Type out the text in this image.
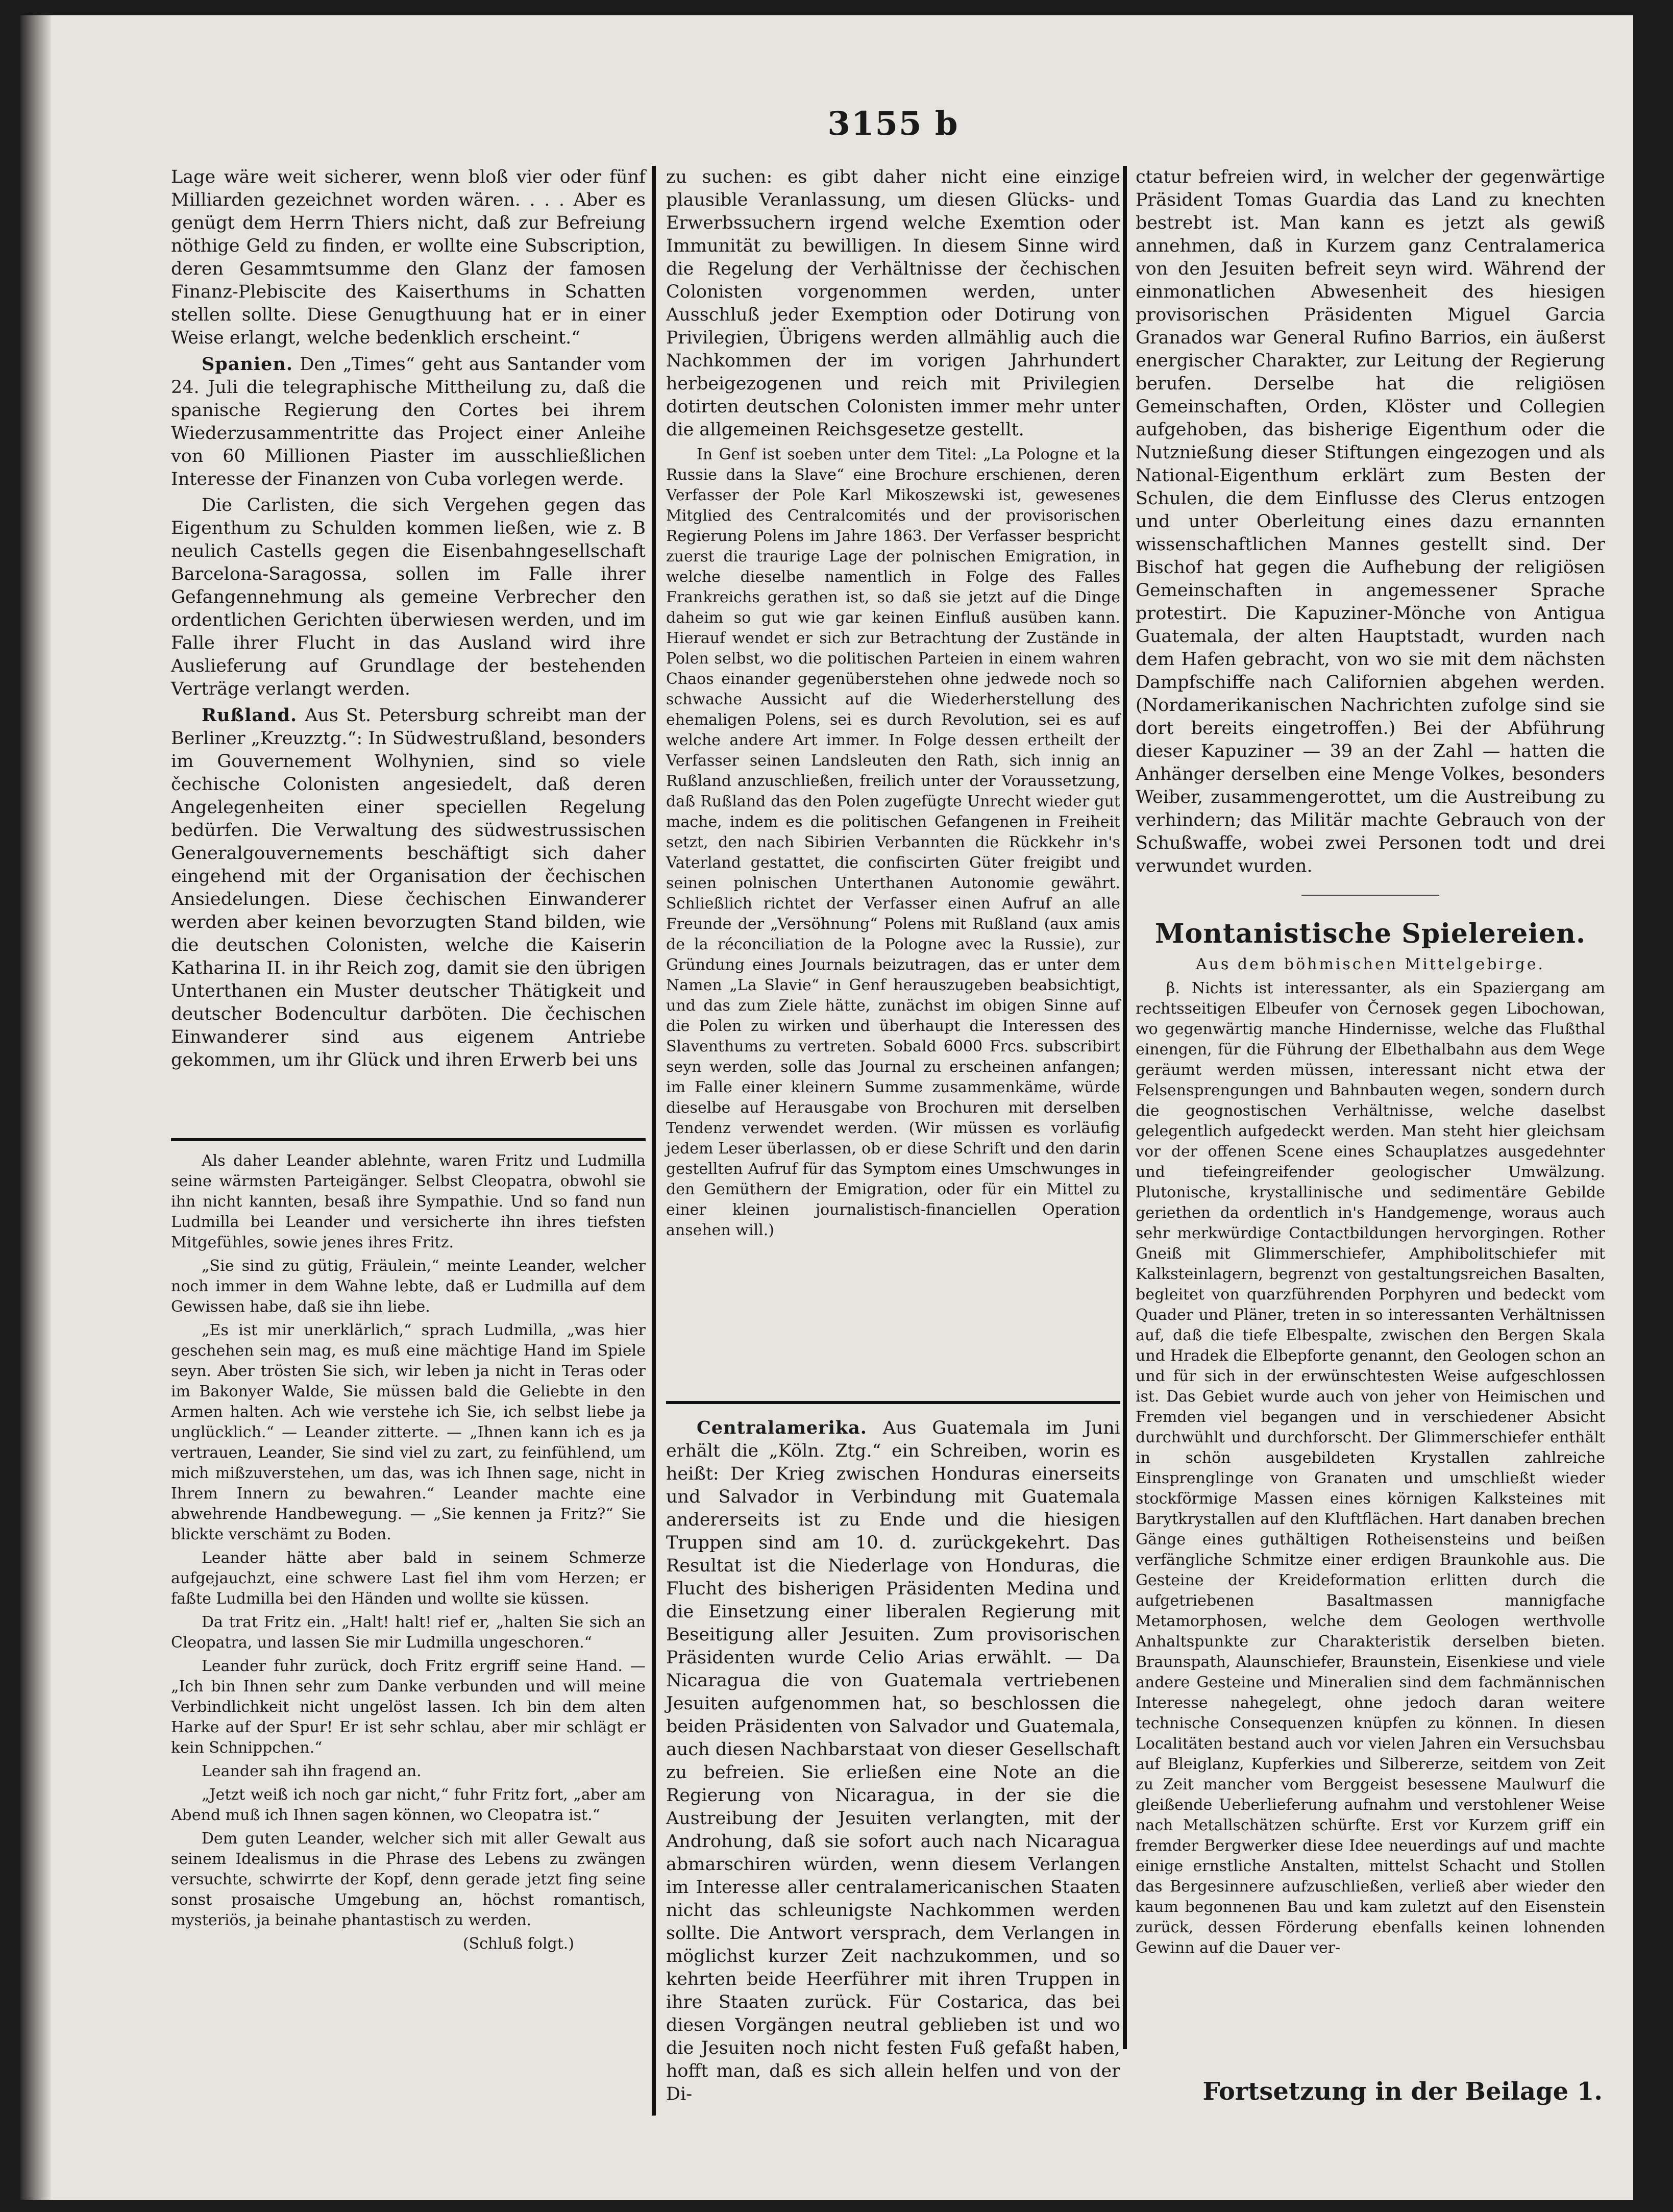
3155 b

Lage wäre weit sicherer, wenn bloß vier oder fünf Milliarden gezeichnet worden wären. . . . Aber es genügt dem Herrn Thiers nicht, daß zur Befreiung nöthige Geld zu finden, er wollte eine Subscription, deren Gesammtsumme den Glanz der famosen Finanz-Plebiscite des Kaiserthums in Schatten stellen sollte. Diese Genugthuung hat er in einer Weise erlangt, welche bedenklich erscheint.“

Spanien. Den „Times“ geht aus Santander vom 24. Juli die telegraphische Mittheilung zu, daß die spanische Regierung den Cortes bei ihrem Wiederzusammentritte das Project einer Anleihe von 60 Millionen Piaster im ausschließlichen Interesse der Finanzen von Cuba vorlegen werde.

Die Carlisten, die sich Vergehen gegen das Eigenthum zu Schulden kommen ließen, wie z. B neulich Castells gegen die Eisenbahngesellschaft Barcelona-Saragossa, sollen im Falle ihrer Gefangennehmung als gemeine Verbrecher den ordentlichen Gerichten überwiesen werden, und im Falle ihrer Flucht in das Ausland wird ihre Auslieferung auf Grundlage der bestehenden Verträge verlangt werden.

Rußland. Aus St. Petersburg schreibt man der Berliner „Kreuzztg.“: In Südwestrußland, besonders im Gouvernement Wolhynien, sind so viele čechische Colonisten angesiedelt, daß deren Angelegenheiten einer speciellen Regelung bedürfen. Die Verwaltung des südwestrussischen Generalgouvernements beschäftigt sich daher eingehend mit der Organisation der čechischen Ansiedelungen. Diese čechischen Einwanderer werden aber keinen bevorzugten Stand bilden, wie die deutschen Colonisten, welche die Kaiserin Katharina II. in ihr Reich zog, damit sie den übrigen Unterthanen ein Muster deutscher Thätigkeit und deutscher Bodencultur darböten. Die čechischen Einwanderer sind aus eigenem Antriebe gekommen, um ihr Glück und ihren Erwerb bei uns

Als daher Leander ablehnte, waren Fritz und Ludmilla seine wärmsten Parteigänger. Selbst Cleopatra, obwohl sie ihn nicht kannten, besaß ihre Sympathie. Und so fand nun Ludmilla bei Leander und versicherte ihn ihres tiefsten Mitgefühles, sowie jenes ihres Fritz.

„Sie sind zu gütig, Fräulein,“ meinte Leander, welcher noch immer in dem Wahne lebte, daß er Ludmilla auf dem Gewissen habe, daß sie ihn liebe.

„Es ist mir unerklärlich,“ sprach Ludmilla, „was hier geschehen sein mag, es muß eine mächtige Hand im Spiele seyn. Aber trösten Sie sich, wir leben ja nicht in Teras oder im Bakonyer Walde, Sie müssen bald die Geliebte in den Armen halten. Ach wie verstehe ich Sie, ich selbst liebe ja unglücklich.“ — Leander zitterte. — „Ihnen kann ich es ja vertrauen, Leander, Sie sind viel zu zart, zu feinfühlend, um mich mißzuverstehen, um das, was ich Ihnen sage, nicht in Ihrem Innern zu bewahren.“ Leander machte eine abwehrende Handbewegung. — „Sie kennen ja Fritz?“ Sie blickte verschämt zu Boden.

Leander hätte aber bald in seinem Schmerze aufgejauchzt, eine schwere Last fiel ihm vom Herzen; er faßte Ludmilla bei den Händen und wollte sie küssen.

Da trat Fritz ein. „Halt! halt! rief er, „halten Sie sich an Cleopatra, und lassen Sie mir Ludmilla ungeschoren.“

Leander fuhr zurück, doch Fritz ergriff seine Hand. — „Ich bin Ihnen sehr zum Danke verbunden und will meine Verbindlichkeit nicht ungelöst lassen. Ich bin dem alten Harke auf der Spur! Er ist sehr schlau, aber mir schlägt er kein Schnippchen.“

Leander sah ihn fragend an.

„Jetzt weiß ich noch gar nicht,“ fuhr Fritz fort, „aber am Abend muß ich Ihnen sagen können, wo Cleopatra ist.“

Dem guten Leander, welcher sich mit aller Gewalt aus seinem Idealismus in die Phrase des Lebens zu zwängen versuchte, schwirrte der Kopf, denn gerade jetzt fing seine sonst prosaische Umgebung an, höchst romantisch, mysteriös, ja beinahe phantastisch zu werden.

(Schluß folgt.)

zu suchen: es gibt daher nicht eine einzige plausible Veranlassung, um diesen Glücks- und Erwerbssuchern irgend welche Exemtion oder Immunität zu bewilligen. In diesem Sinne wird die Regelung der Verhältnisse der čechischen Colonisten vorgenommen werden, unter Ausschluß jeder Exemption oder Dotirung von Privilegien, Übrigens werden allmählig auch die Nachkommen der im vorigen Jahrhundert herbeigezogenen und reich mit Privilegien dotirten deutschen Colonisten immer mehr unter die allgemeinen Reichsgesetze gestellt.

In Genf ist soeben unter dem Titel: „La Pologne et la Russie dans la Slave“ eine Brochure erschienen, deren Verfasser der Pole Karl Mikoszewski ist, gewesenes Mitglied des Centralcomités und der provisorischen Regierung Polens im Jahre 1863. Der Verfasser bespricht zuerst die traurige Lage der polnischen Emigration, in welche dieselbe namentlich in Folge des Falles Frankreichs gerathen ist, so daß sie jetzt auf die Dinge daheim so gut wie gar keinen Einfluß ausüben kann. Hierauf wendet er sich zur Betrachtung der Zustände in Polen selbst, wo die politischen Parteien in einem wahren Chaos einander gegenüberstehen ohne jedwede noch so schwache Aussicht auf die Wiederherstellung des ehemaligen Polens, sei es durch Revolution, sei es auf welche andere Art immer. In Folge dessen ertheilt der Verfasser seinen Landsleuten den Rath, sich innig an Rußland anzuschließen, freilich unter der Voraussetzung, daß Rußland das den Polen zugefügte Unrecht wieder gut mache, indem es die politischen Gefangenen in Freiheit setzt, den nach Sibirien Verbannten die Rückkehr in's Vaterland gestattet, die confiscirten Güter freigibt und seinen polnischen Unterthanen Autonomie gewährt. Schließlich richtet der Verfasser einen Aufruf an alle Freunde der „Versöhnung“ Polens mit Rußland (aux amis de la réconciliation de la Pologne avec la Russie), zur Gründung eines Journals beizutragen, das er unter dem Namen „La Slavie“ in Genf herauszugeben beabsichtigt, und das zum Ziele hätte, zunächst im obigen Sinne auf die Polen zu wirken und überhaupt die Interessen des Slaventhums zu vertreten. Sobald 6000 Frcs. subscribirt seyn werden, solle das Journal zu erscheinen anfangen; im Falle einer kleinern Summe zusammenkäme, würde dieselbe auf Herausgabe von Brochuren mit derselben Tendenz verwendet werden. (Wir müssen es vorläufig jedem Leser überlassen, ob er diese Schrift und den darin gestellten Aufruf für das Symptom eines Umschwunges in den Gemüthern der Emigration, oder für ein Mittel zu einer kleinen journalistisch-financiellen Operation ansehen will.)

Centralamerika. Aus Guatemala im Juni erhält die „Köln. Ztg.“ ein Schreiben, worin es heißt: Der Krieg zwischen Honduras einerseits und Salvador in Verbindung mit Guatemala andererseits ist zu Ende und die hiesigen Truppen sind am 10. d. zurückgekehrt. Das Resultat ist die Niederlage von Honduras, die Flucht des bisherigen Präsidenten Medina und die Einsetzung einer liberalen Regierung mit Beseitigung aller Jesuiten. Zum provisorischen Präsidenten wurde Celio Arias erwählt. — Da Nicaragua die von Guatemala vertriebenen Jesuiten aufgenommen hat, so beschlossen die beiden Präsidenten von Salvador und Guatemala, auch diesen Nachbarstaat von dieser Gesellschaft zu befreien. Sie erließen eine Note an die Regierung von Nicaragua, in der sie die Austreibung der Jesuiten verlangten, mit der Androhung, daß sie sofort auch nach Nicaragua abmarschiren würden, wenn diesem Verlangen im Interesse aller centralamericanischen Staaten nicht das schleunigste Nachkommen werden sollte. Die Antwort versprach, dem Verlangen in möglichst kurzer Zeit nachzukommen, und so kehrten beide Heerführer mit ihren Truppen in ihre Staaten zurück. Für Costarica, das bei diesen Vorgängen neutral geblieben ist und wo die Jesuiten noch nicht festen Fuß gefaßt haben, hofft man, daß es sich allein helfen und von der Di-

ctatur befreien wird, in welcher der gegenwärtige Präsident Tomas Guardia das Land zu knechten bestrebt ist. Man kann es jetzt als gewiß annehmen, daß in Kurzem ganz Centralamerica von den Jesuiten befreit seyn wird. Während der einmonatlichen Abwesenheit des hiesigen provisorischen Präsidenten Miguel Garcia Granados war General Rufino Barrios, ein äußerst energischer Charakter, zur Leitung der Regierung berufen. Derselbe hat die religiösen Gemeinschaften, Orden, Klöster und Collegien aufgehoben, das bisherige Eigenthum oder die Nutznießung dieser Stiftungen eingezogen und als National-Eigenthum erklärt zum Besten der Schulen, die dem Einflusse des Clerus entzogen und unter Oberleitung eines dazu ernannten wissenschaftlichen Mannes gestellt sind. Der Bischof hat gegen die Aufhebung der religiösen Gemeinschaften in angemessener Sprache protestirt. Die Kapuziner-Mönche von Antigua Guatemala, der alten Hauptstadt, wurden nach dem Hafen gebracht, von wo sie mit dem nächsten Dampfschiffe nach Californien abgehen werden. (Nordamerikanischen Nachrichten zufolge sind sie dort bereits eingetroffen.) Bei der Abführung dieser Kapuziner — 39 an der Zahl — hatten die Anhänger derselben eine Menge Volkes, besonders Weiber, zusammengerottet, um die Austreibung zu verhindern; das Militär machte Gebrauch von der Schußwaffe, wobei zwei Personen todt und drei verwundet wurden.

―――――――――
Montanistische Spielereien.
Aus dem böhmischen Mittelgebirge.

β. Nichts ist interessanter, als ein Spaziergang am rechtsseitigen Elbeufer von Černosek gegen Libochowan, wo gegenwärtig manche Hindernisse, welche das Flußthal einengen, für die Führung der Elbethalbahn aus dem Wege geräumt werden müssen, interessant nicht etwa der Felsensprengungen und Bahnbauten wegen, sondern durch die geognostischen Verhältnisse, welche daselbst gelegentlich aufgedeckt werden. Man steht hier gleichsam vor der offenen Scene eines Schauplatzes ausgedehnter und tiefeingreifender geologischer Umwälzung. Plutonische, krystallinische und sedimentäre Gebilde geriethen da ordentlich in's Handgemenge, woraus auch sehr merkwürdige Contactbildungen hervorgingen. Rother Gneiß mit Glimmerschiefer, Amphibolitschiefer mit Kalksteinlagern, begrenzt von gestaltungsreichen Basalten, begleitet von quarzführenden Porphyren und bedeckt vom Quader und Pläner, treten in so interessanten Verhältnissen auf, daß die tiefe Elbespalte, zwischen den Bergen Skala und Hradek die Elbepforte genannt, den Geologen schon an und für sich in der erwünschtesten Weise aufgeschlossen ist. Das Gebiet wurde auch von jeher von Heimischen und Fremden viel begangen und in verschiedener Absicht durchwühlt und durchforscht. Der Glimmerschiefer enthält in schön ausgebildeten Krystallen zahlreiche Einsprenglinge von Granaten und umschließt wieder stockförmige Massen eines körnigen Kalksteines mit Barytkrystallen auf den Kluftflächen. Hart danaben brechen Gänge eines guthältigen Rotheisensteins und beißen verfängliche Schmitze einer erdigen Braunkohle aus. Die Gesteine der Kreideformation erlitten durch die aufgetriebenen Basaltmassen mannigfache Metamorphosen, welche dem Geologen werthvolle Anhaltspunkte zur Charakteristik derselben bieten. Braunspath, Alaunschiefer, Braunstein, Eisenkiese und viele andere Gesteine und Mineralien sind dem fachmännischen Interesse nahegelegt, ohne jedoch daran weitere technische Consequenzen knüpfen zu können. In diesen Localitäten bestand auch vor vielen Jahren ein Versuchsbau auf Bleiglanz, Kupferkies und Silbererze, seitdem von Zeit zu Zeit mancher vom Berggeist besessene Maulwurf die gleißende Ueberlieferung aufnahm und verstohlener Weise nach Metallschätzen schürfte. Erst vor Kurzem griff ein fremder Bergwerker diese Idee neuerdings auf und machte einige ernstliche Anstalten, mittelst Schacht und Stollen das Bergesinnere aufzuschließen, verließ aber wieder den kaum begonnenen Bau und kam zuletzt auf den Eisenstein zurück, dessen Förderung ebenfalls keinen lohnenden Gewinn auf die Dauer ver-

Fortsetzung in der Beilage 1.
